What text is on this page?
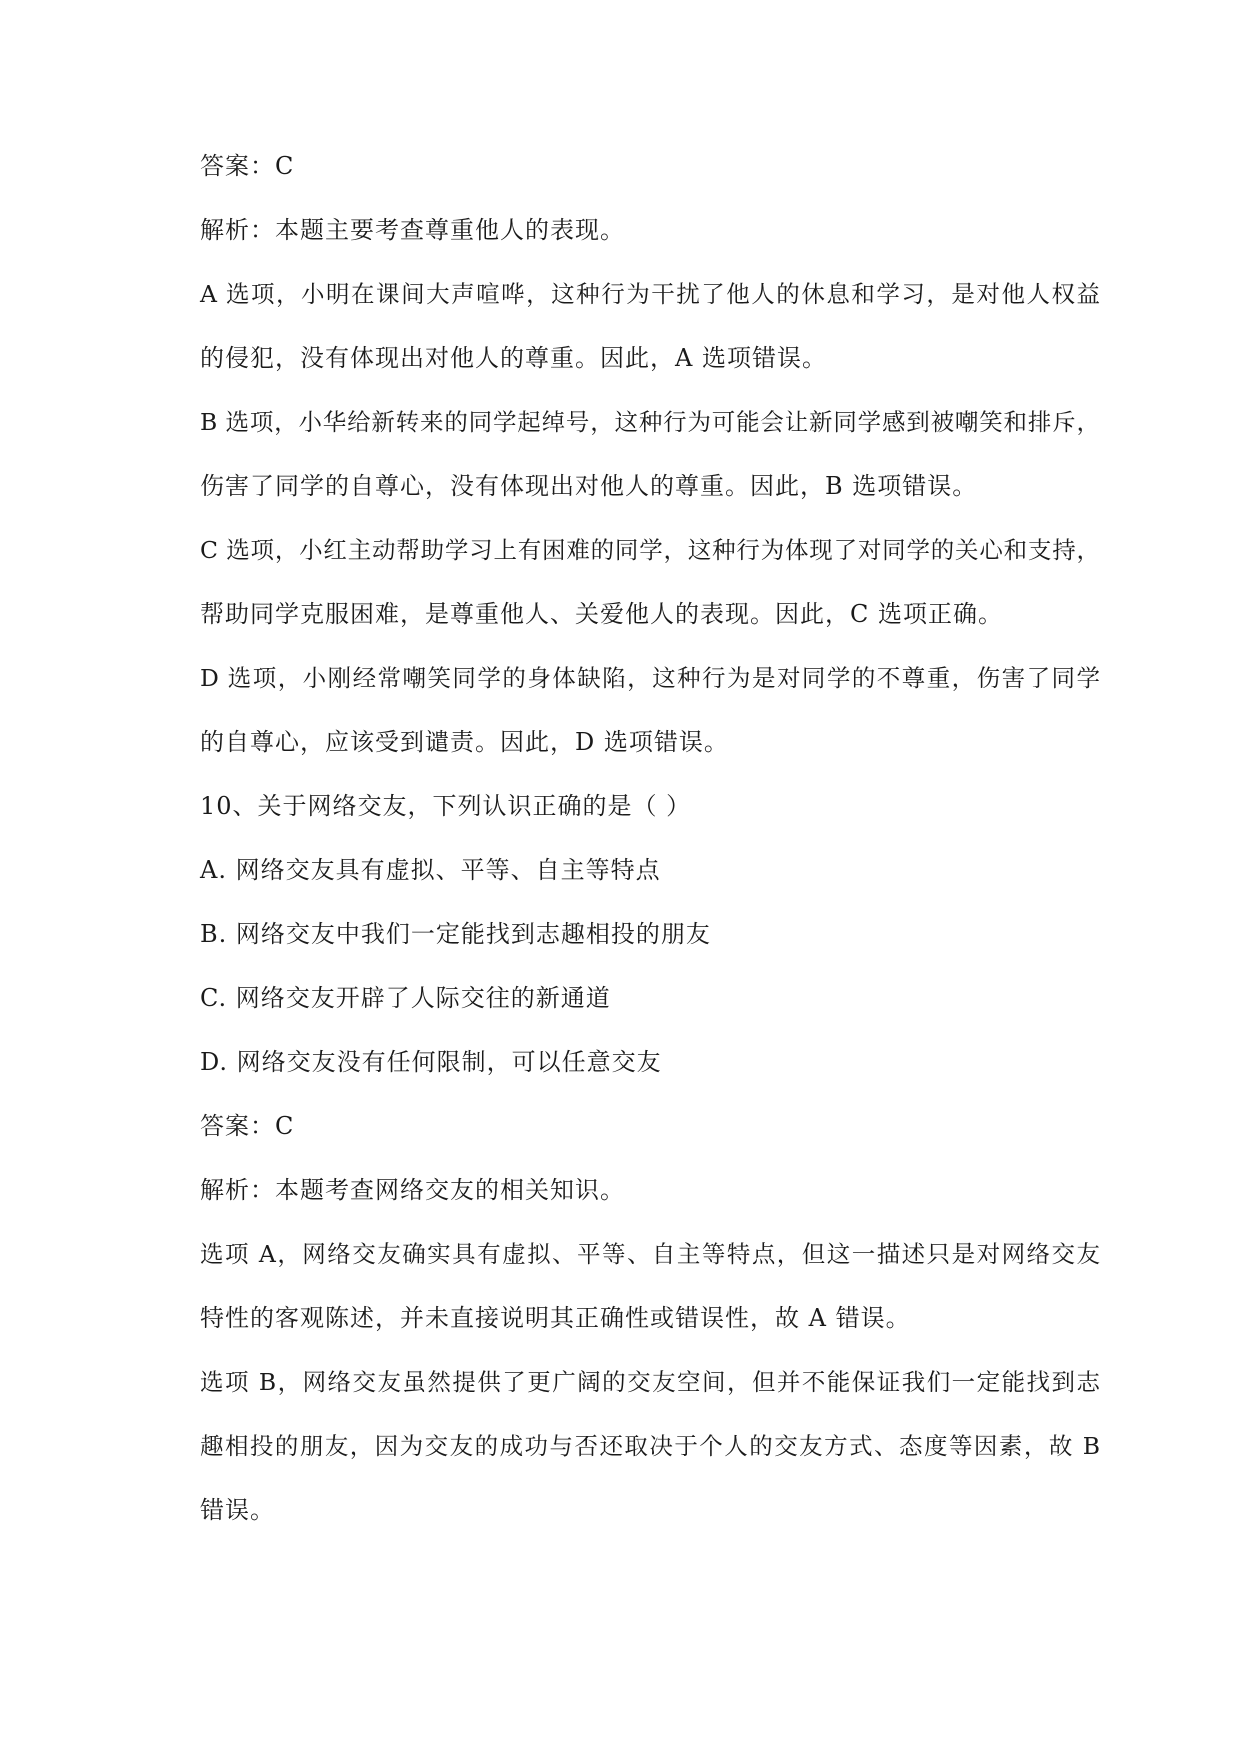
答案：C
解析：本题主要考查尊重他人的表现。
A 选项，小明在课间大声喧哗，这种行为干扰了他人的休息和学习，是对他人权益
的侵犯，没有体现出对他人的尊重。因此，A 选项错误。
B 选项，小华给新转来的同学起绰号，这种行为可能会让新同学感到被嘲笑和排斥，
伤害了同学的自尊心，没有体现出对他人的尊重。因此，B 选项错误。
C 选项，小红主动帮助学习上有困难的同学，这种行为体现了对同学的关心和支持，
帮助同学克服困难，是尊重他人、关爱他人的表现。因此，C 选项正确。
D 选项，小刚经常嘲笑同学的身体缺陷，这种行为是对同学的不尊重，伤害了同学
的自尊心，应该受到谴责。因此，D 选项错误。
10、关于网络交友，下列认识正确的是（ ）
A. 网络交友具有虚拟、平等、自主等特点
B. 网络交友中我们一定能找到志趣相投的朋友
C. 网络交友开辟了人际交往的新通道
D. 网络交友没有任何限制，可以任意交友
答案：C
解析：本题考查网络交友的相关知识。
选项 A，网络交友确实具有虚拟、平等、自主等特点，但这一描述只是对网络交友
特性的客观陈述，并未直接说明其正确性或错误性，故 A 错误。
选项 B，网络交友虽然提供了更广阔的交友空间，但并不能保证我们一定能找到志
趣相投的朋友，因为交友的成功与否还取决于个人的交友方式、态度等因素，故 B
错误。
